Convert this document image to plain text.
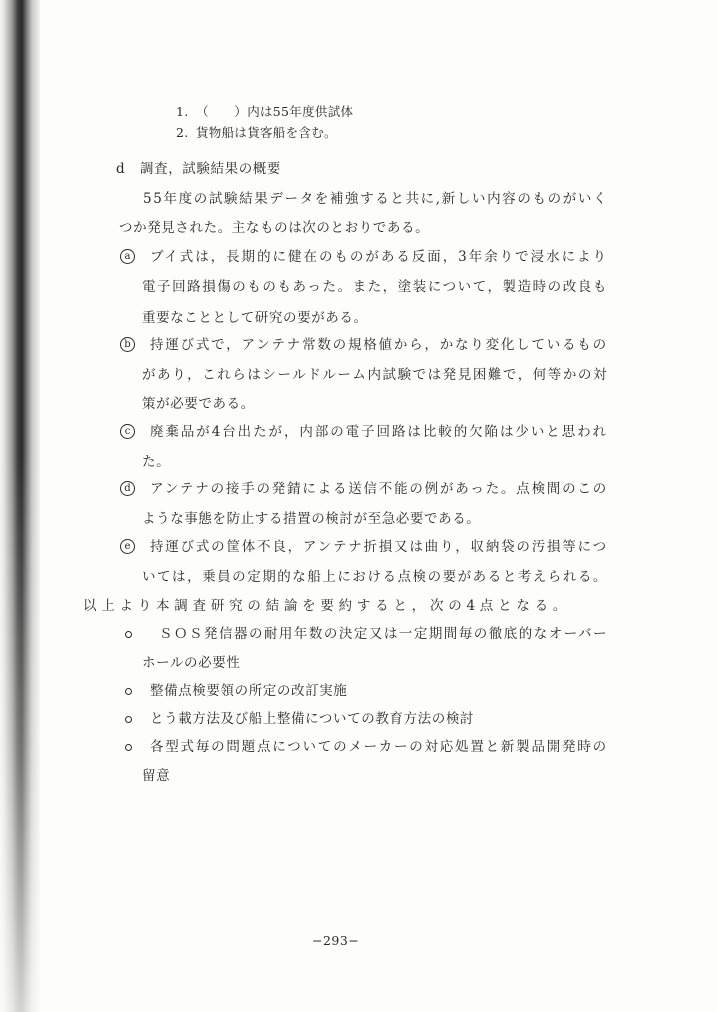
1. （　　）内は55年度供試体
2. 貨物船は貨客船を含む。
d 調査，試験結果の概要
55年度の試験結果データを補強すると共に,新しい内容のものがいく
つか発見された。主なものは次のとおりである。
a	ブイ式は，長期的に健在のものがある反面，3年余りで浸水により
電子回路損傷のものもあった。また，塗装について，製造時の改良も
重要なこととして研究の要がある。
b	持運び式で，アンテナ常数の規格値から，かなり変化しているもの
があり，これらはシールドルーム内試験では発見困難で，何等かの対
策が必要である。
c	廃棄品が4台出たが，内部の電子回路は比較的欠陥は少いと思われ
た。
d	アンテナの接手の発錆による送信不能の例があった。点検間のこの
ような事態を防止する措置の検討が至急必要である。
e	持運び式の筐体不良，アンテナ折損又は曲り，収納袋の汚損等につ
いては，乗員の定期的な船上における点検の要があると考えられる。
以上より本調査研究の結論を要約すると，次の4点となる。
ＳＯＳ発信器の耐用年数の決定又は一定期間毎の徹底的なオーバー
ホールの必要性
整備点検要領の所定の改訂実施
とう載方法及び船上整備についての教育方法の検討
各型式毎の問題点についてのメーカーの対応処置と新製品開発時の
留意
−293−
